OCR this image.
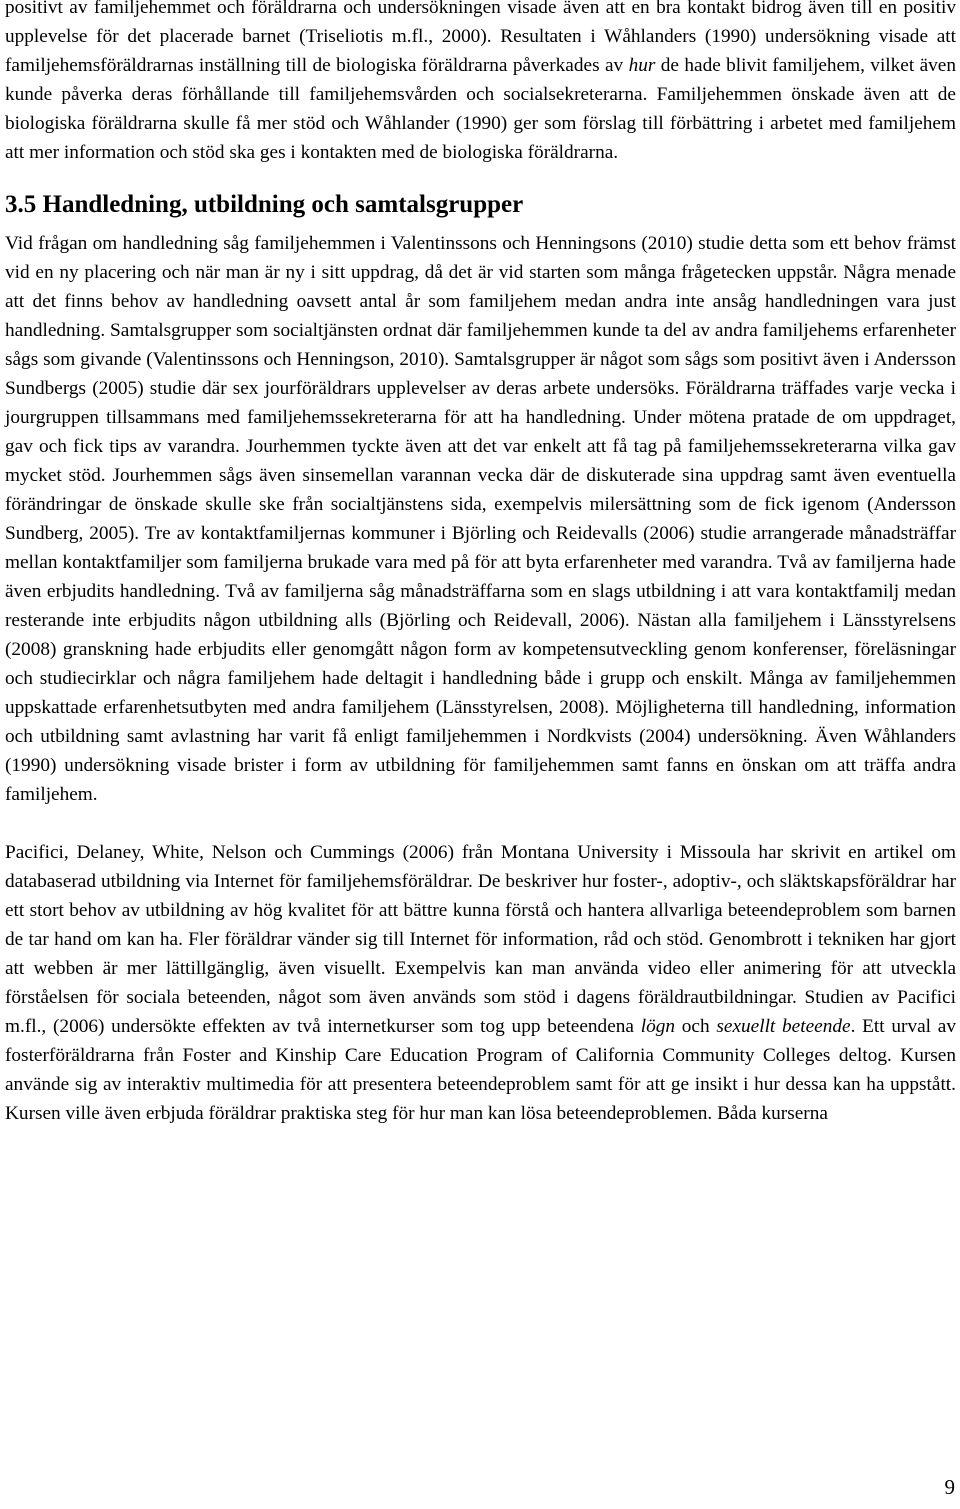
positivt av familjehemmet och föräldrarna och undersökningen visade även att en bra kontakt bidrog även till en positiv upplevelse för det placerade barnet (Triseliotis m.fl., 2000). Resultaten i Wåhlanders (1990) undersökning visade att familjehemsföräldrarnas inställning till de biologiska föräldrarna påverkades av hur de hade blivit familjehem, vilket även kunde påverka deras förhållande till familjehemsvården och socialsekreterarna. Familjehemmen önskade även att de biologiska föräldrarna skulle få mer stöd och Wåhlander (1990) ger som förslag till förbättring i arbetet med familjehem att mer information och stöd ska ges i kontakten med de biologiska föräldrarna.

3.5 Handledning, utbildning och samtalsgrupper

Vid frågan om handledning såg familjehemmen i Valentinssons och Henningsons (2010) studie detta som ett behov främst vid en ny placering och när man är ny i sitt uppdrag, då det är vid starten som många frågetecken uppstår. Några menade att det finns behov av handledning oavsett antal år som familjehem medan andra inte ansåg handledningen vara just handledning. Samtalsgrupper som socialtjänsten ordnat där familjehemmen kunde ta del av andra familjehems erfarenheter sågs som givande (Valentinssons och Henningson, 2010). Samtalsgrupper är något som sågs som positivt även i Andersson Sundbergs (2005) studie där sex jourföräldrars upplevelser av deras arbete undersöks. Föräldrarna träffades varje vecka i jourgruppen tillsammans med familjehemssekreterarna för att ha handledning. Under mötena pratade de om uppdraget, gav och fick tips av varandra. Jourhemmen tyckte även att det var enkelt att få tag på familjehemssekreterarna vilka gav mycket stöd. Jourhemmen sågs även sinsemellan varannan vecka där de diskuterade sina uppdrag samt även eventuella förändringar de önskade skulle ske från socialtjänstens sida, exempelvis milersättning som de fick igenom (Andersson Sundberg, 2005). Tre av kontaktfamiljernas kommuner i Björling och Reidevalls (2006) studie arrangerade månadsträffar mellan kontaktfamiljer som familjerna brukade vara med på för att byta erfarenheter med varandra. Två av familjerna hade även erbjudits handledning. Två av familjerna såg månadsträffarna som en slags utbildning i att vara kontaktfamilj medan resterande inte erbjudits någon utbildning alls (Björling och Reidevall, 2006). Nästan alla familjehem i Länsstyrelsens (2008) granskning hade erbjudits eller genomgått någon form av kompetensutveckling genom konferenser, föreläsningar och studiecirklar och några familjehem hade deltagit i handledning både i grupp och enskilt. Många av familjehemmen uppskattade erfarenhetsutbyten med andra familjehem (Länsstyrelsen, 2008). Möjligheterna till handledning, information och utbildning samt avlastning har varit få enligt familjehemmen i Nordkvists (2004) undersökning. Även Wåhlanders (1990) undersökning visade brister i form av utbildning för familjehemmen samt fanns en önskan om att träffa andra familjehem.

Pacifici, Delaney, White, Nelson och Cummings (2006) från Montana University i Missoula har skrivit en artikel om databaserad utbildning via Internet för familjehemsföräldrar. De beskriver hur foster-, adoptiv-, och släktskapsföräldrar har ett stort behov av utbildning av hög kvalitet för att bättre kunna förstå och hantera allvarliga beteendeproblem som barnen de tar hand om kan ha. Fler föräldrar vänder sig till Internet för information, råd och stöd. Genombrott i tekniken har gjort att webben är mer lättillgänglig, även visuellt. Exempelvis kan man använda video eller animering för att utveckla förståelsen för sociala beteenden, något som även används som stöd i dagens föräldrautbildningar. Studien av Pacifici m.fl., (2006) undersökte effekten av två internetkurser som tog upp beteendena lögn och sexuellt beteende. Ett urval av fosterföräldrarna från Foster and Kinship Care Education Program of California Community Colleges deltog. Kursen använde sig av interaktiv multimedia för att presentera beteendeproblem samt för att ge insikt i hur dessa kan ha uppstått. Kursen ville även erbjuda föräldrar praktiska steg för hur man kan lösa beteendeproblemen. Båda kurserna

9
